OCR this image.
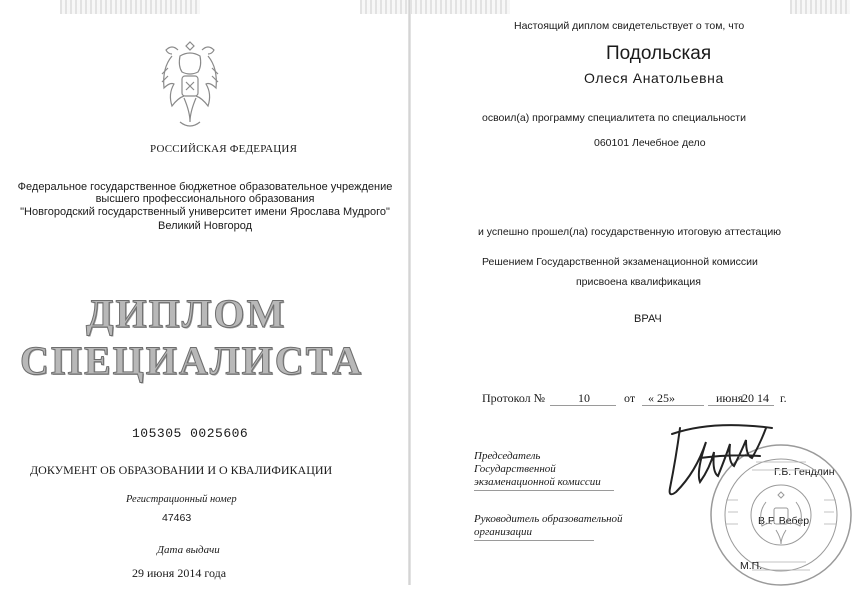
РОССИЙСКАЯ ФЕДЕРАЦИЯ
Федеральное государственное бюджетное образовательное учреждение
высшего профессионального образования
"Новгородский государственный университет имени Ярослава Мудрого"
Великий Новгород
ДИПЛОМ
СПЕЦИАЛИСТА
105305 0025606
ДОКУМЕНТ ОБ ОБРАЗОВАНИИ И О КВАЛИФИКАЦИИ
Регистрационный номер
47463
Дата выдачи
29 июня 2014 года
Настоящий диплом свидетельствует о том, что
Подольская
Олеся Анатольевна
освоил(а) программу специалитета по специальности
060101 Лечебное дело
и успешно прошел(ла) государственную итоговую аттестацию
Решением Государственной экзаменационной комиссии
присвоена квалификация
ВРАЧ
Протокол №	10	от « 25»	июня
20 14 г.
Председатель
Государственной
экзаменационной комиссии
Г.Б. Гендлин
Руководитель образовательной
организации
В.Р. Вебер
М.П.
